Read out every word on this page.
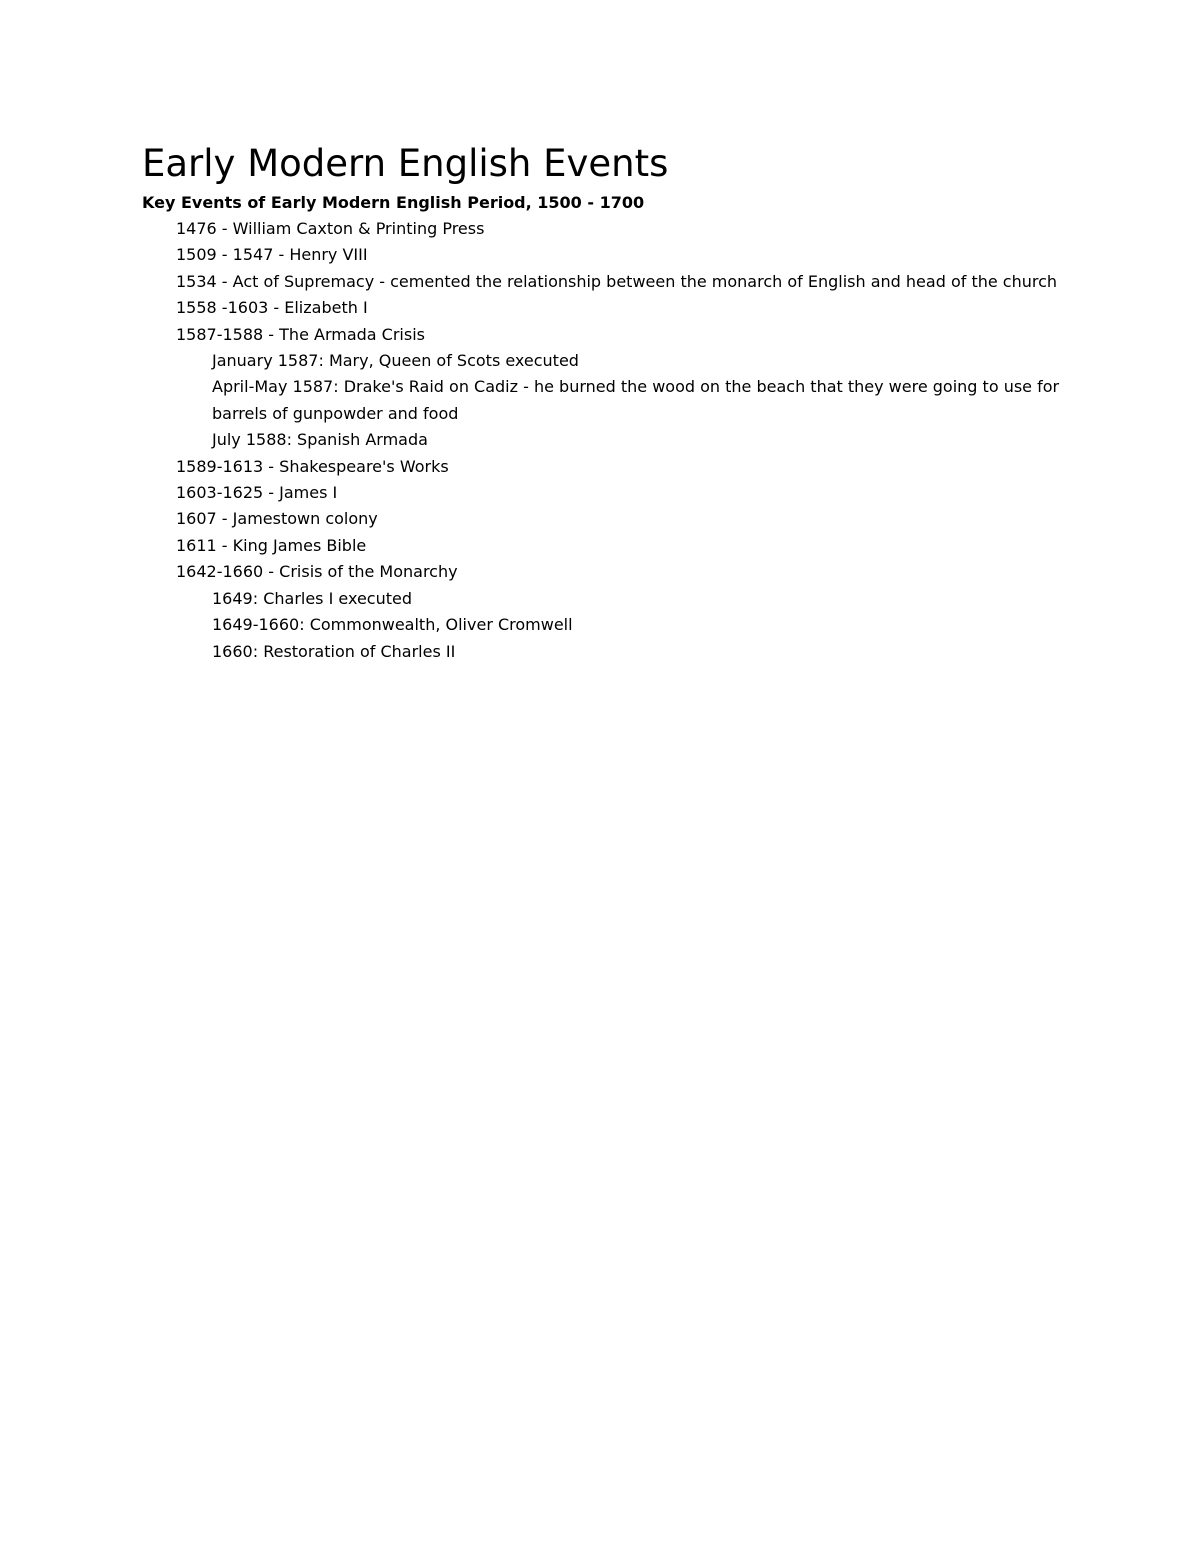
Early Modern English Events

Key Events of Early Modern English Period, 1500 - 1700

1476 - William Caxton & Printing Press
1509 - 1547 - Henry VIII
1534 - Act of Supremacy - cemented the relationship between the monarch of English and head of the church
1558 -1603 - Elizabeth I
1587-1588 - The Armada Crisis
January 1587: Mary, Queen of Scots executed
April-May 1587: Drake's Raid on Cadiz - he burned the wood on the beach that they were going to use for barrels of gunpowder and food
July 1588: Spanish Armada
1589-1613 - Shakespeare's Works
1603-1625 - James I
1607 - Jamestown colony
1611 - King James Bible
1642-1660 - Crisis of the Monarchy
1649: Charles I executed
1649-1660: Commonwealth, Oliver Cromwell
1660: Restoration of Charles II
